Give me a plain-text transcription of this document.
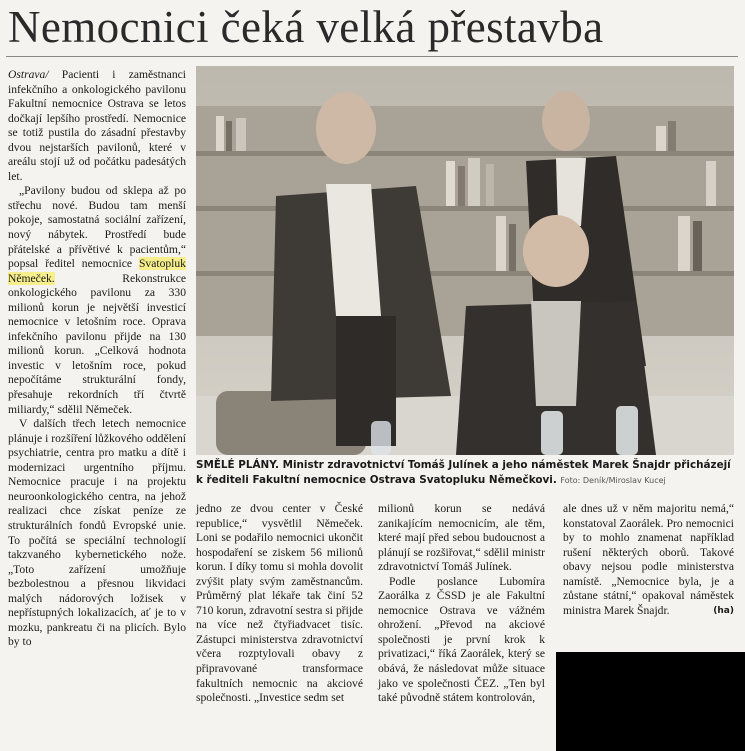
Nemocnici čeká velká přestavba
SMĚLÉ PLÁNY. Ministr zdravotnictví Tomáš Julínek a jeho náměstek Marek Šnajdr přicházejí k řediteli Fakultní nemocnice Ostrava Svatopluku Němečkovi. Foto: Deník/Miroslav Kucej

Ostrava/ Pacienti i zaměstnanci infekčního a onkologického pavilonu Fakultní nemocnice Ostrava se letos dočkají lepšího prostředí. Nemocnice se totiž pustila do zásadní přestavby dvou nejstarších pavilonů, které v areálu stojí už od počátku padesátých let.

„Pavilony budou od sklepa až po střechu nové. Budou tam menší pokoje, samostatná sociální zařízení, nový nábytek. Prostředí bude přátelské a přívětivé k pacientům,“ popsal ředitel nemocnice Svatopluk Němeček.	Rekonstrukce onkologického pavilonu za 330 milionů korun je největší investicí nemocnice v letošním roce. Oprava infekčního pavilonu přijde na 130 milionů korun. „Celková hodnota investic v letošním roce, pokud nepočítáme strukturální fondy, přesahuje rekordních tří čtvrtě miliardy,“ sdělil Němeček.

V dalších třech letech nemocnice plánuje i rozšíření lůžkového oddělení psychiatrie, centra pro matku a dítě i modernizaci urgentního příjmu. Nemocnice pracuje i na projektu neuroonkologického centra, na jehož realizaci chce získat peníze ze strukturálních fondů Evropské unie. To počítá se speciální technologií takzvaného kybernetického nože. „Toto zařízení umožňuje bezbolestnou a přesnou likvidaci malých nádorových ložisek v nepřístupných lokalizacích, ať je to v mozku, pankreatu či na plicích. Bylo by to

jedno ze dvou center v České republice,“ vysvětlil Němeček. Loni se podařilo nemocnici ukončit hospodaření se ziskem 56 milionů korun. I díky tomu si mohla dovolit zvýšit platy svým zaměstnancům. Průměrný plat lékaře tak činí 52 710 korun, zdravotní sestra si přijde na více než čtyřiadvacet tisíc. Zástupci ministerstva zdravotnictví včera rozptylovali obavy z připravované transformace fakultních nemocnic na akciové společnosti. „Investice sedm set

milionů korun se nedává zanikajícím nemocnicím, ale těm, které mají před sebou budoucnost a plánují se rozšiřovat,“ sdělil ministr zdravotnictví Tomáš Julínek.

Podle poslance Lubomíra Zaorálka z ČSSD je ale Fakultní nemocnice Ostrava ve vážném ohrožení. „Převod na akciové společnosti je první krok k privatizaci,“ říká Zaorálek, který se obává, že následovat může situace jako ve společnosti ČEZ. „Ten byl také původně státem kontrolován,

ale dnes už v něm majoritu nemá,“ konstatoval Zaorálek. Pro nemocnici by to mohlo znamenat například rušení některých oborů. Takové obavy nejsou podle ministerstva namístě. „Nemocnice byla, je a zůstane státní,“ opakoval náměstek ministra Marek Šnajdr.	(ha)
